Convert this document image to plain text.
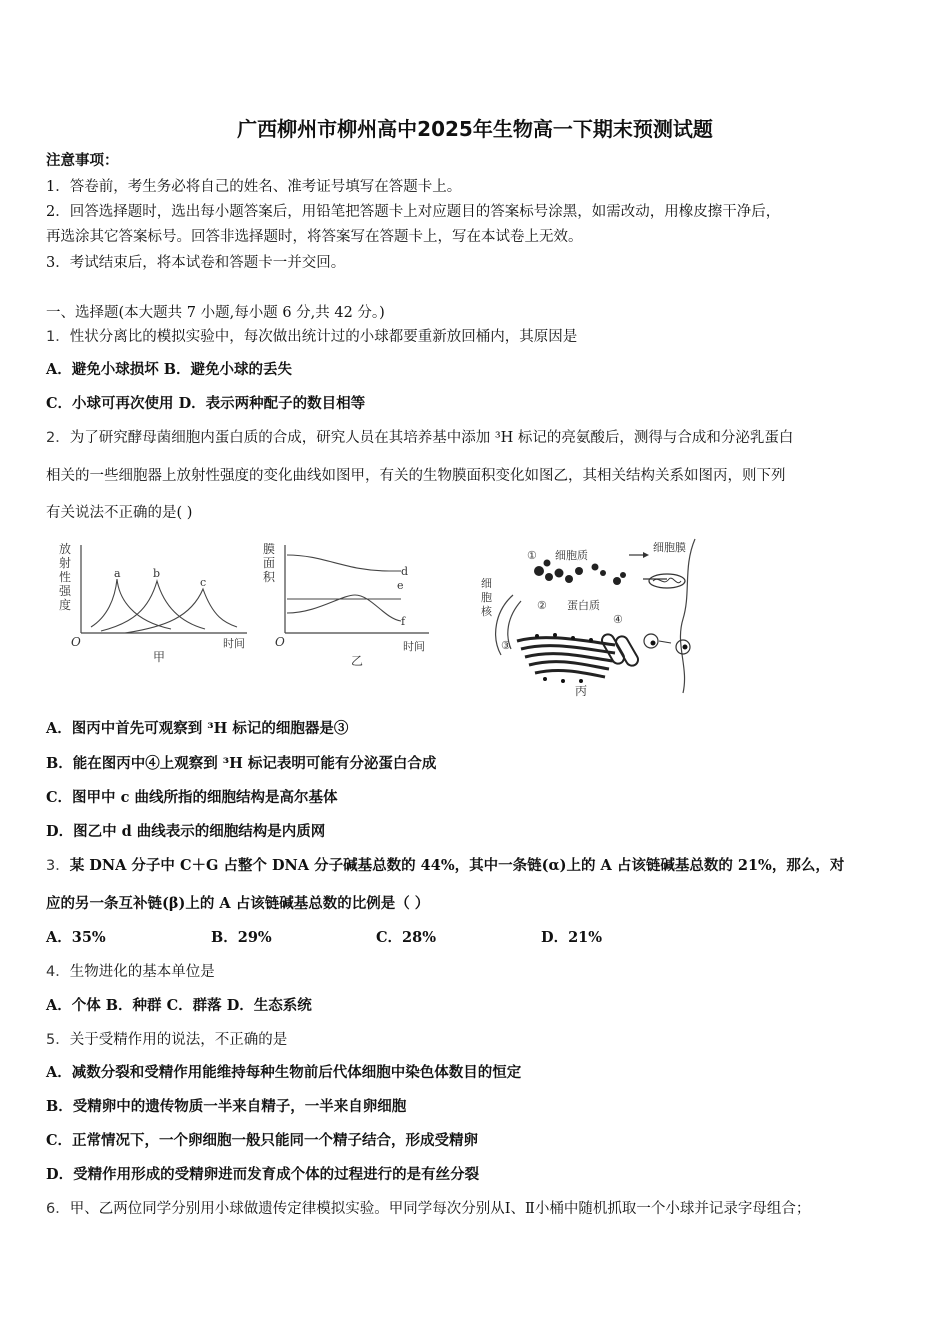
广西柳州市柳州高中2025年生物高一下期末预测试题
注意事项：
1．答卷前，考生务必将自己的姓名、准考证号填写在答题卡上。
2．回答选择题时，选出每小题答案后，用铅笔把答题卡上对应题目的答案标号涂黑，如需改动，用橡皮擦干净后，
再选涂其它答案标号。回答非选择题时，将答案写在答题卡上，写在本试卷上无效。
3．考试结束后，将本试卷和答题卡一并交回。
一、选择题(本大题共 7 小题,每小题 6 分,共 42 分。)
1．性状分离比的模拟实验中，每次做出统计过的小球都要重新放回桶内，其原因是
A．避免小球损坏 B．避免小球的丢失
C．小球可再次使用 D．表示两种配子的数目相等
2．为了研究酵母菌细胞内蛋白质的合成，研究人员在其培养基中添加 ³H 标记的亮氨酸后，测得与合成和分泌乳蛋白
相关的一些细胞器上放射性强度的变化曲线如图甲，有关的生物膜面积变化如图乙，其相关结构关系如图丙，则下列
有关说法不正确的是( )
放
射
性
强
度
O	时间
a	b
c
甲
膜
面
积
O	时间
d
e
f
乙
① 细胞质
细胞膜
细
胞
核	② 蛋白质
③
④
丙
A．图丙中首先可观察到 ³H 标记的细胞器是③
B．能在图丙中④上观察到 ³H 标记表明可能有分泌蛋白合成
C．图甲中 c 曲线所指的细胞结构是高尔基体
D．图乙中 d 曲线表示的细胞结构是内质网
3．某 DNA 分子中 C＋G 占整个 DNA 分子碱基总数的 44%，其中一条链(α)上的 A 占该链碱基总数的 21%，那么，对
应的另一条互补链(β)上的 A 占该链碱基总数的比例是（ ）
A．35%	B．29%	C．28%	D．21%
4．生物进化的基本单位是
A．个体 B．种群 C．群落 D．生态系统
5．关于受精作用的说法，不正确的是
A．减数分裂和受精作用能维持每种生物前后代体细胞中染色体数目的恒定
B．受精卵中的遗传物质一半来自精子，一半来自卵细胞
C．正常情况下，一个卵细胞一般只能同一个精子结合，形成受精卵
D．受精作用形成的受精卵进而发育成个体的过程进行的是有丝分裂
6．甲、乙两位同学分别用小球做遗传定律模拟实验。甲同学每次分别从Ⅰ、Ⅱ小桶中随机抓取一个小球并记录字母组合；
